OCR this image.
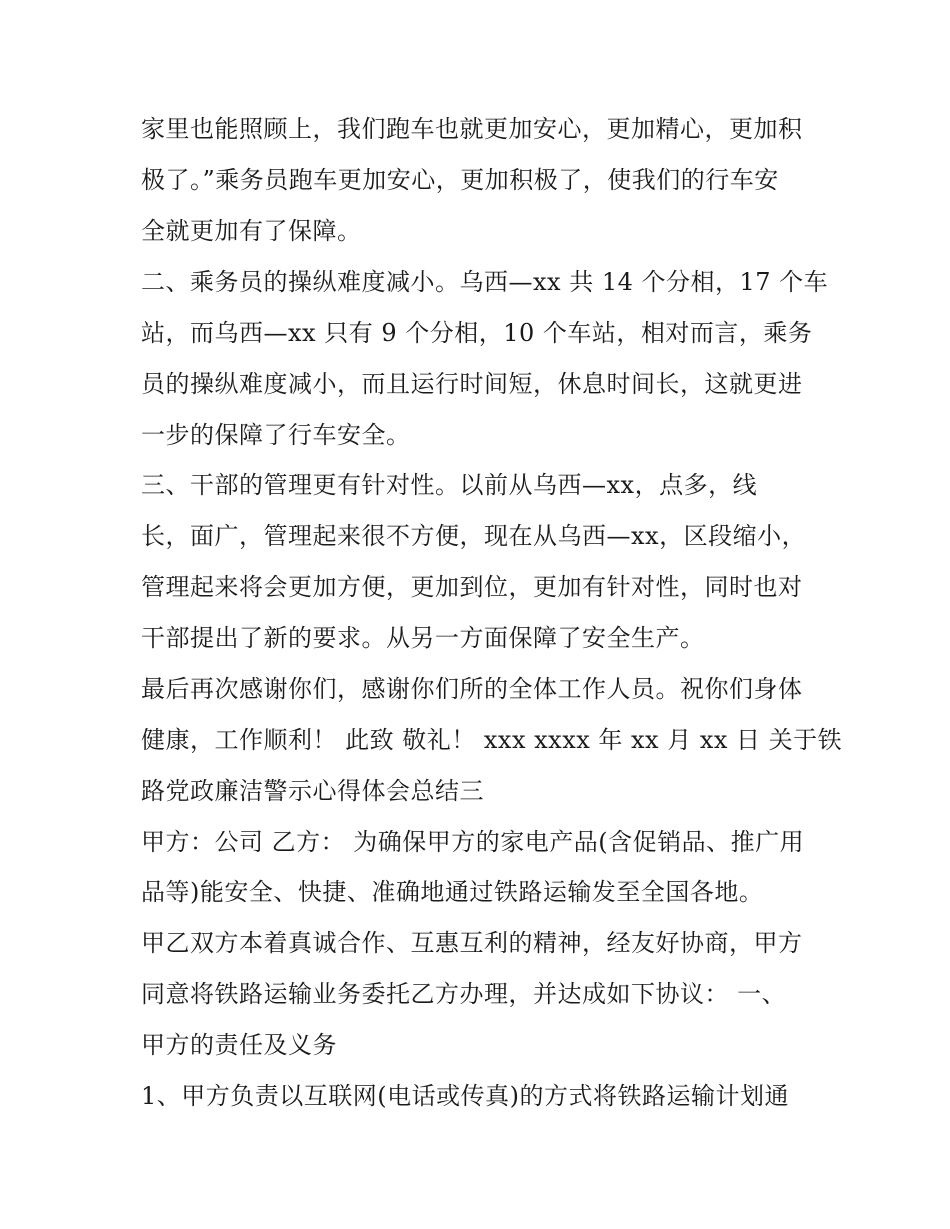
家里也能照顾上，我们跑车也就更加安心，更加精心，更加积
极了。”乘务员跑车更加安心，更加积极了，使我们的行车安
全就更加有了保障。
二、乘务员的操纵难度减小。乌西—xx 共 14 个分相，17 个车
站，而乌西—xx 只有 9 个分相，10 个车站，相对而言，乘务
员的操纵难度减小，而且运行时间短，休息时间长，这就更进
一步的保障了行车安全。
三、干部的管理更有针对性。以前从乌西—xx，点多，线
长，面广，管理起来很不方便，现在从乌西—xx，区段缩小，
管理起来将会更加方便，更加到位，更加有针对性，同时也对
干部提出了新的要求。从另一方面保障了安全生产。
最后再次感谢你们，感谢你们所的全体工作人员。祝你们身体
健康，工作顺利！ 此致 敬礼！ xxx xxxx 年 xx 月 xx 日 关于铁
路党政廉洁警示心得体会总结三
甲方：公司 乙方： 为确保甲方的家电产品(含促销品、推广用
品等)能安全、快捷、准确地通过铁路运输发至全国各地。
甲乙双方本着真诚合作、互惠互利的精神，经友好协商，甲方
同意将铁路运输业务委托乙方办理，并达成如下协议： 一、
甲方的责任及义务
1、甲方负责以互联网(电话或传真)的方式将铁路运输计划通
